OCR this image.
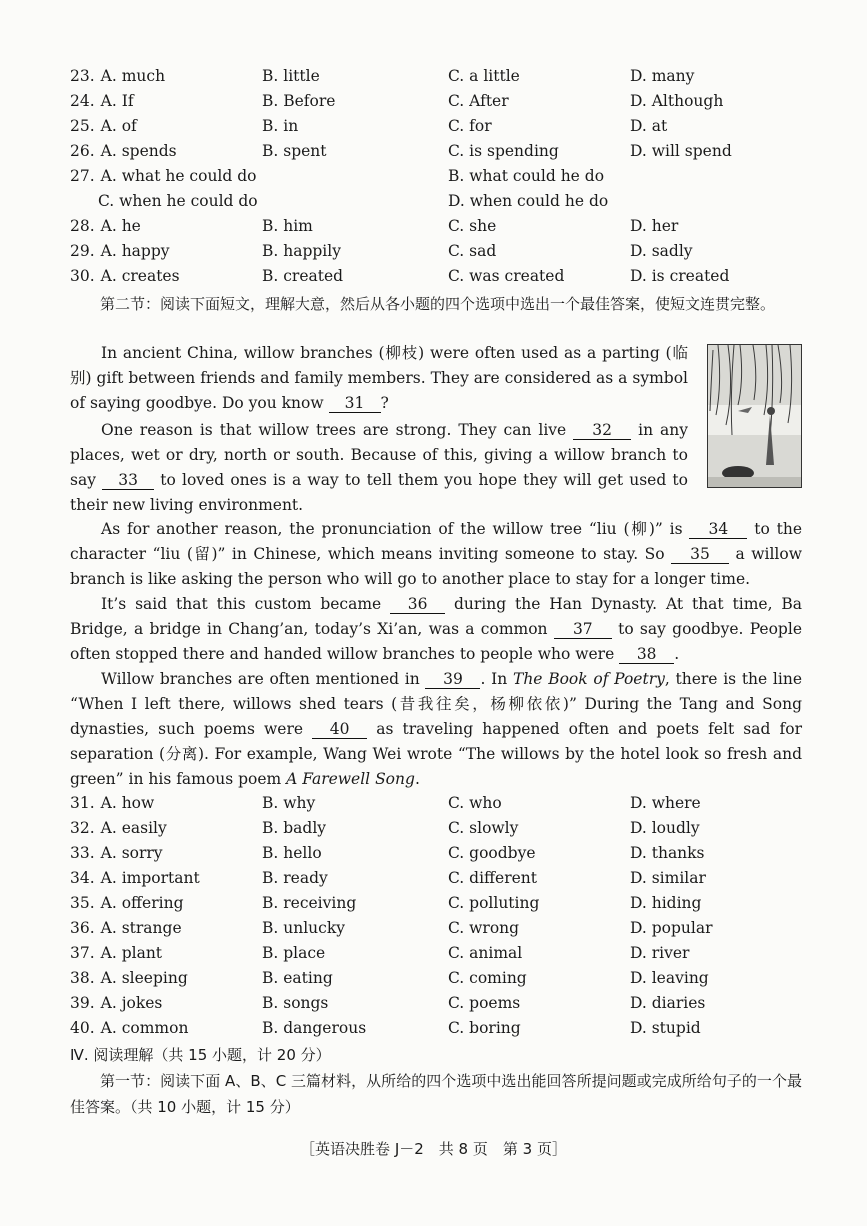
23. A. much	B. little	C. a little	D. many
24. A. If	B. Before	C. After	D. Although
25. A. of	B. in	C. for	D. at
26. A. spends	B. spent	C. is spending	D. will spend
27. A. what he could do	B. what could he do
C. when he could do	D. when could he do
28. A. he	B. him	C. she	D. her
29. A. happy	B. happily	C. sad	D. sadly
30. A. creates	B. created	C. was created	D. is created

第二节：阅读下面短文，理解大意，然后从各小题的四个选项中选出一个最佳答案，使短文连贯完整。

In ancient China, willow branches (柳枝) were often used as a parting (临别) gift between friends and family members. They are considered as a symbol of saying goodbye. Do you know 31 ?

One reason is that willow trees are strong. They can live 32 in any places, wet or dry, north or south. Because of this, giving a willow branch to say 33 to loved ones is a way to tell them you hope they will get used to their new living environment.

As for another reason, the pronunciation of the willow tree “liu (柳)” is 34 to the character “liu (留)” in Chinese, which means inviting someone to stay. So 35 a willow branch is like asking the person who will go to another place to stay for a longer time.

It’s said that this custom became 36 during the Han Dynasty. At that time, Ba Bridge, a bridge in Chang’an, today’s Xi’an, was a common 37 to say goodbye. People often stopped there and handed willow branches to people who were 38 .

Willow branches are often mentioned in 39 . In The Book of Poetry, there is the line “When I left there, willows shed tears (昔我往矣，杨柳依依)” During the Tang and Song dynasties, such poems were 40 as traveling happened often and poets felt sad for separation (分离). For example, Wang Wei wrote “The willows by the hotel look so fresh and green” in his famous poem A Farewell Song.

31. A. how	B. why	C. who	D. where
32. A. easily	B. badly	C. slowly	D. loudly
33. A. sorry	B. hello	C. goodbye	D. thanks
34. A. important	B. ready	C. different	D. similar
35. A. offering	B. receiving	C. polluting	D. hiding
36. A. strange	B. unlucky	C. wrong	D. popular
37. A. plant	B. place	C. animal	D. river
38. A. sleeping	B. eating	C. coming	D. leaving
39. A. jokes	B. songs	C. poems	D. diaries
40. A. common	B. dangerous	C. boring	D. stupid

Ⅳ. 阅读理解（共 15 小题，计 20 分）

第一节：阅读下面 A、B、C 三篇材料，从所给的四个选项中选出能回答所提问题或完成所给句子的一个最佳答案。（共 10 小题，计 15 分）

［英语决胜卷 J－2　共 8 页　第 3 页］
